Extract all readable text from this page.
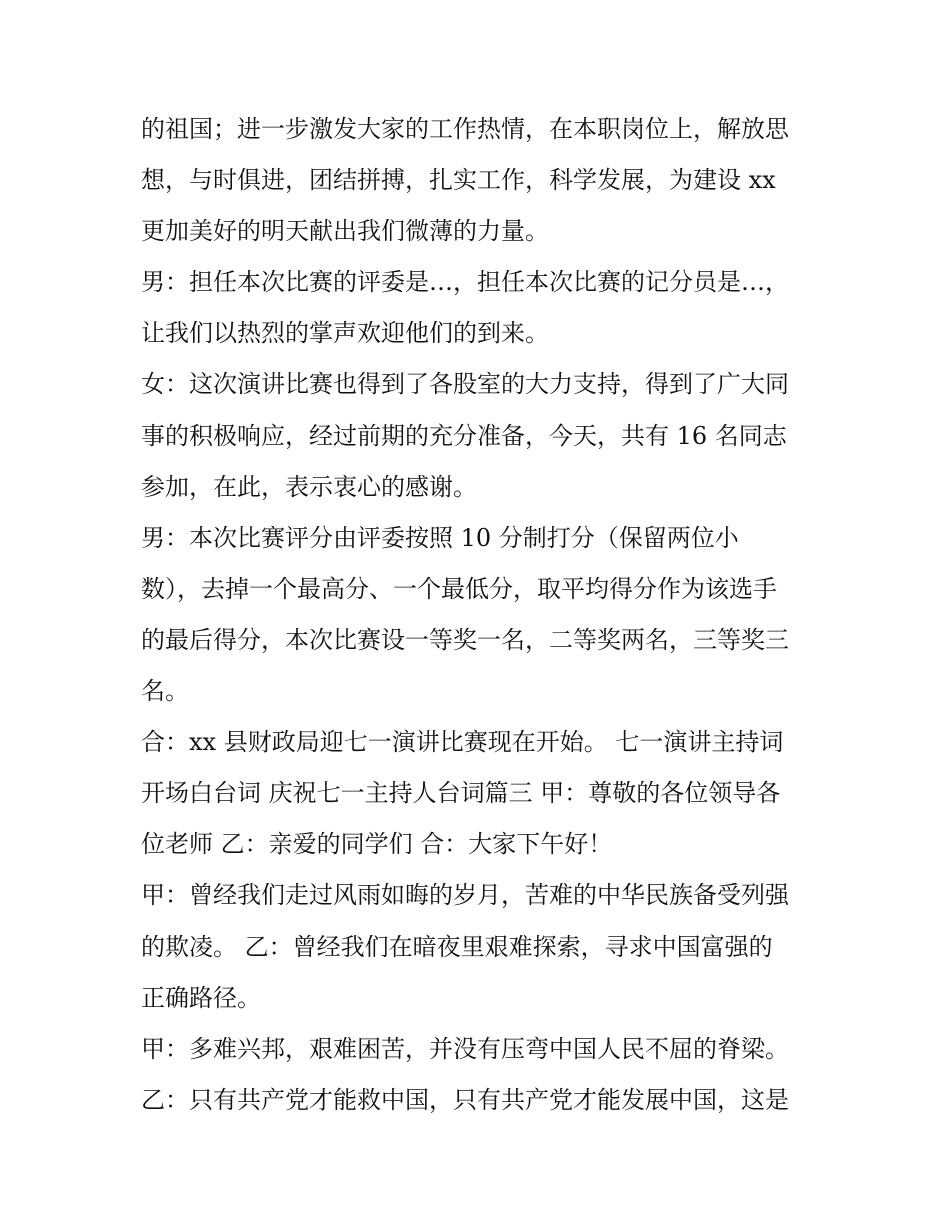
的祖国；进一步激发大家的工作热情，在本职岗位上，解放思
想，与时俱进，团结拼搏，扎实工作，科学发展，为建设 xx
更加美好的明天献出我们微薄的力量。
男：担任本次比赛的评委是…，担任本次比赛的记分员是…，
让我们以热烈的掌声欢迎他们的到来。
女：这次演讲比赛也得到了各股室的大力支持，得到了广大同
事的积极响应，经过前期的充分准备，今天，共有 16 名同志
参加，在此，表示衷心的感谢。
男：本次比赛评分由评委按照 10 分制打分（保留两位小
数），去掉一个最高分、一个最低分，取平均得分作为该选手
的最后得分，本次比赛设一等奖一名，二等奖两名，三等奖三
名。
合：xx 县财政局迎七一演讲比赛现在开始。 七一演讲主持词
开场白台词 庆祝七一主持人台词篇三 甲：尊敬的各位领导各
位老师 乙：亲爱的同学们 合：大家下午好！
甲：曾经我们走过风雨如晦的岁月，苦难的中华民族备受列强
的欺凌。 乙：曾经我们在暗夜里艰难探索，寻求中国富强的
正确路径。
甲：多难兴邦，艰难困苦，并没有压弯中国人民不屈的脊梁。
乙：只有共产党才能救中国，只有共产党才能发展中国，这是
